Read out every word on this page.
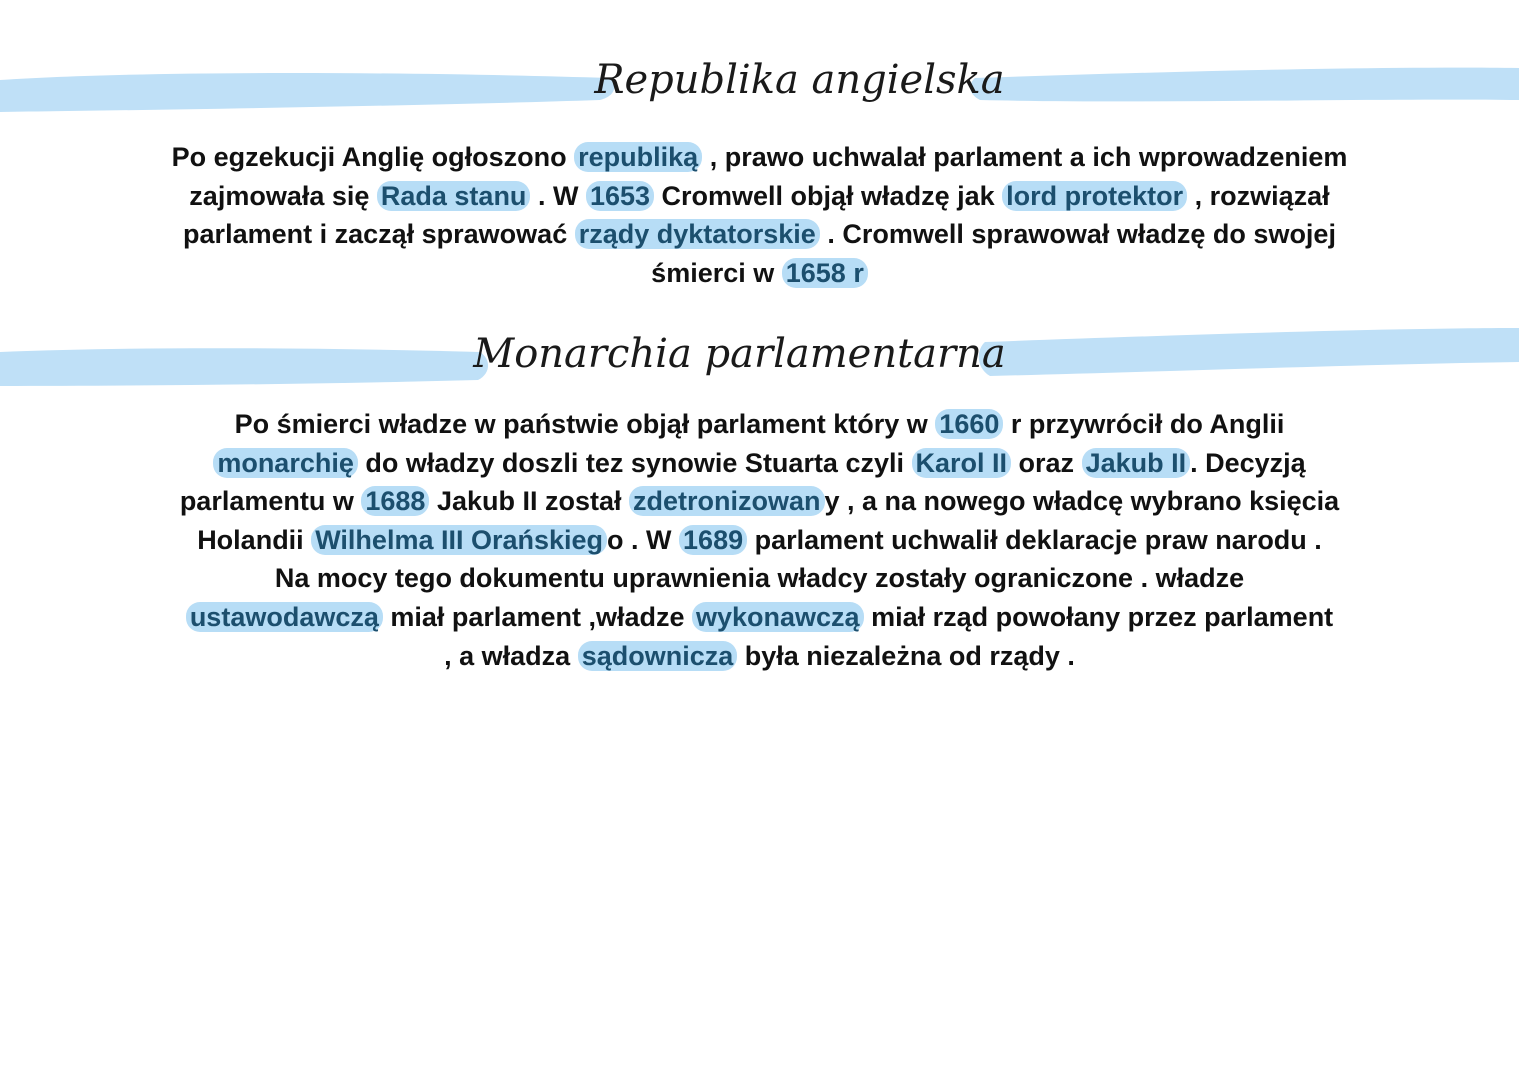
Republika angielska
Po egzekucji Anglię ogłoszono republiką , prawo uchwalał parlament a ich wprowadzeniem
zajmowała się Rada stanu . W 1653 Cromwell objął władzę jak lord protektor , rozwiązał
parlament i zaczął sprawować rządy dyktatorskie . Cromwell sprawował władzę do swojej
śmierci w 1658 r
Monarchia parlamentarna
Po śmierci władze w państwie objął parlament który w 1660 r przywrócił do Anglii
monarchię do władzy doszli tez synowie Stuarta czyli Karol II oraz Jakub II . Decyzją
parlamentu w 1688 Jakub II został zdetronizowan y , a na nowego władcę wybrano księcia
Holandii Wilhelma III Orańskieg o . W 1689 parlament uchwalił deklaracje praw narodu .
Na mocy tego dokumentu uprawnienia władcy zostały ograniczone . władze
ustawodawczą miał parlament ,władze wykonawczą miał rząd powołany przez parlament
, a władza sądownicza była niezależna od rządy .
